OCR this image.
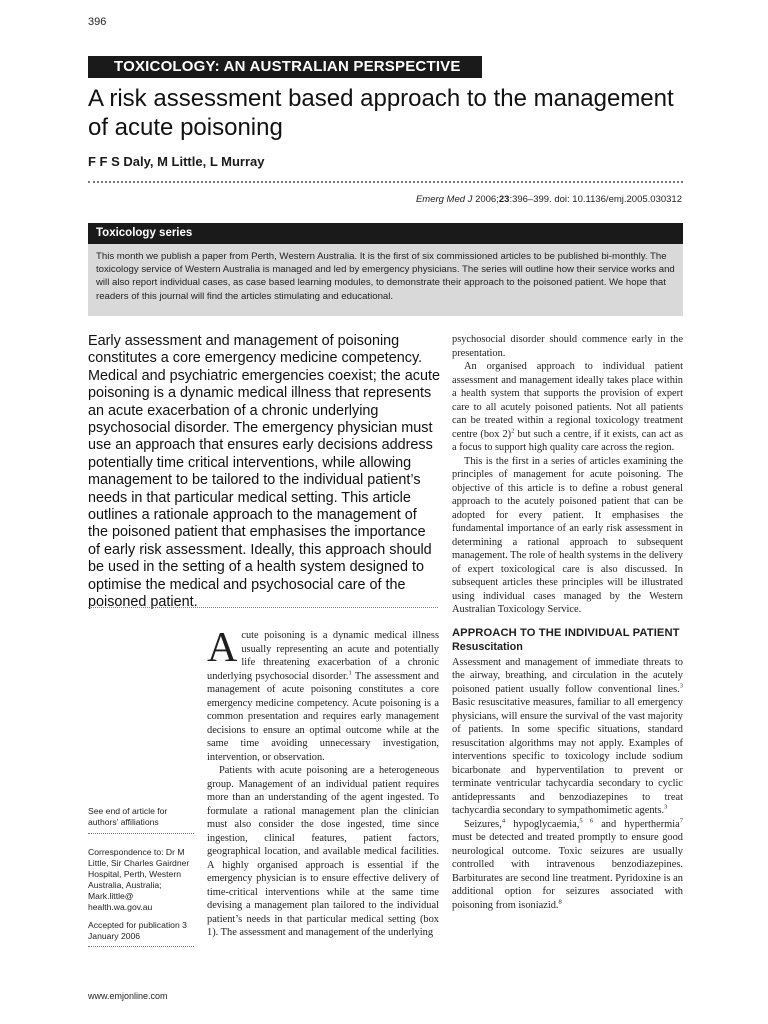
396
TOXICOLOGY: AN AUSTRALIAN PERSPECTIVE
A risk assessment based approach to the management of acute poisoning
F F S Daly, M Little, L Murray
Emerg Med J 2006;23:396–399. doi: 10.1136/emj.2005.030312
Toxicology series
This month we publish a paper from Perth, Western Australia. It is the first of six commissioned articles to be published bi-monthly. The toxicology service of Western Australia is managed and led by emergency physicians. The series will outline how their service works and will also report individual cases, as case based learning modules, to demonstrate their approach to the poisoned patient. We hope that readers of this journal will find the articles stimulating and educational.

Early assessment and management of poisoning constitutes a core emergency medicine competency. Medical and psychiatric emergencies coexist; the acute poisoning is a dynamic medical illness that represents an acute exacerbation of a chronic underlying psychosocial disorder. The emergency physician must use an approach that ensures early decisions address potentially time critical interventions, while allowing management to be tailored to the individual patient’s needs in that particular medical setting. This article outlines a rationale approach to the management of the poisoned patient that emphasises the importance of early risk assessment. Ideally, this approach should be used in the setting of a health system designed to optimise the medical and psychosocial care of the poisoned patient.

Acute poisoning is a dynamic medical illness usually representing an acute and potentially life threatening exacerbation of a chronic underlying psychosocial disorder.$^1$ The assessment and management of acute poisoning constitutes a core emergency medicine competency. Acute poisoning is a common presentation and requires early management decisions to ensure an optimal outcome while at the same time avoiding unnecessary investigation, intervention, or observation.

Patients with acute poisoning are a heterogeneous group. Management of an individual patient requires more than an understanding of the agent ingested. To formulate a rational management plan the clinician must also consider the dose ingested, time since ingestion, clinical features, patient factors, geographical location, and available medical facilities. A highly organised approach is essential if the emergency physician is to ensure effective delivery of time-critical interventions while at the same time devising a management plan tailored to the individual patient’s needs in that particular medical setting (box 1). The assessment and management of the underlying

psychosocial disorder should commence early in the presentation.

An organised approach to individual patient assessment and management ideally takes place within a health system that supports the provision of expert care to all acutely poisoned patients. Not all patients can be treated within a regional toxicology treatment centre (box 2)$^2$ but such a centre, if it exists, can act as a focus to support high quality care across the region.

This is the first in a series of articles examining the principles of management for acute poisoning. The objective of this article is to define a robust general approach to the acutely poisoned patient that can be adopted for every patient. It emphasises the fundamental importance of an early risk assessment in determining a rational approach to subsequent management. The role of health systems in the delivery of expert toxicological care is also discussed. In subsequent articles these principles will be illustrated using individual cases managed by the Western Australian Toxicology Service.

APPROACH TO THE INDIVIDUAL PATIENT

Resuscitation

Assessment and management of immediate threats to the airway, breathing, and circulation in the acutely poisoned patient usually follow conventional lines.$^3$ Basic resuscitative measures, familiar to all emergency physicians, will ensure the survival of the vast majority of patients. In some specific situations, standard resuscitation algorithms may not apply. Examples of interventions specific to toxicology include sodium bicarbonate and hyperventilation to prevent or terminate ventricular tachycardia secondary to cyclic antidepressants and benzodiazepines to treat tachycardia secondary to sympathomimetic agents.$^3$

Seizures,$^4$ hypoglycaemia,$^{5 6}$ and hyperthermia$^7$ must be detected and treated promptly to ensure good neurological outcome. Toxic seizures are usually controlled with intravenous benzodiazepines. Barbiturates are second line treatment. Pyridoxine is an additional option for seizures associated with poisoning from isoniazid.$^8$

See end of article for authors’ affiliations
Correspondence to: Dr M Little, Sir Charles Gairdner Hospital, Perth, Western Australia, Australia; Mark.little@ health.wa.gov.au
Accepted for publication 3 January 2006
www.emjonline.com
